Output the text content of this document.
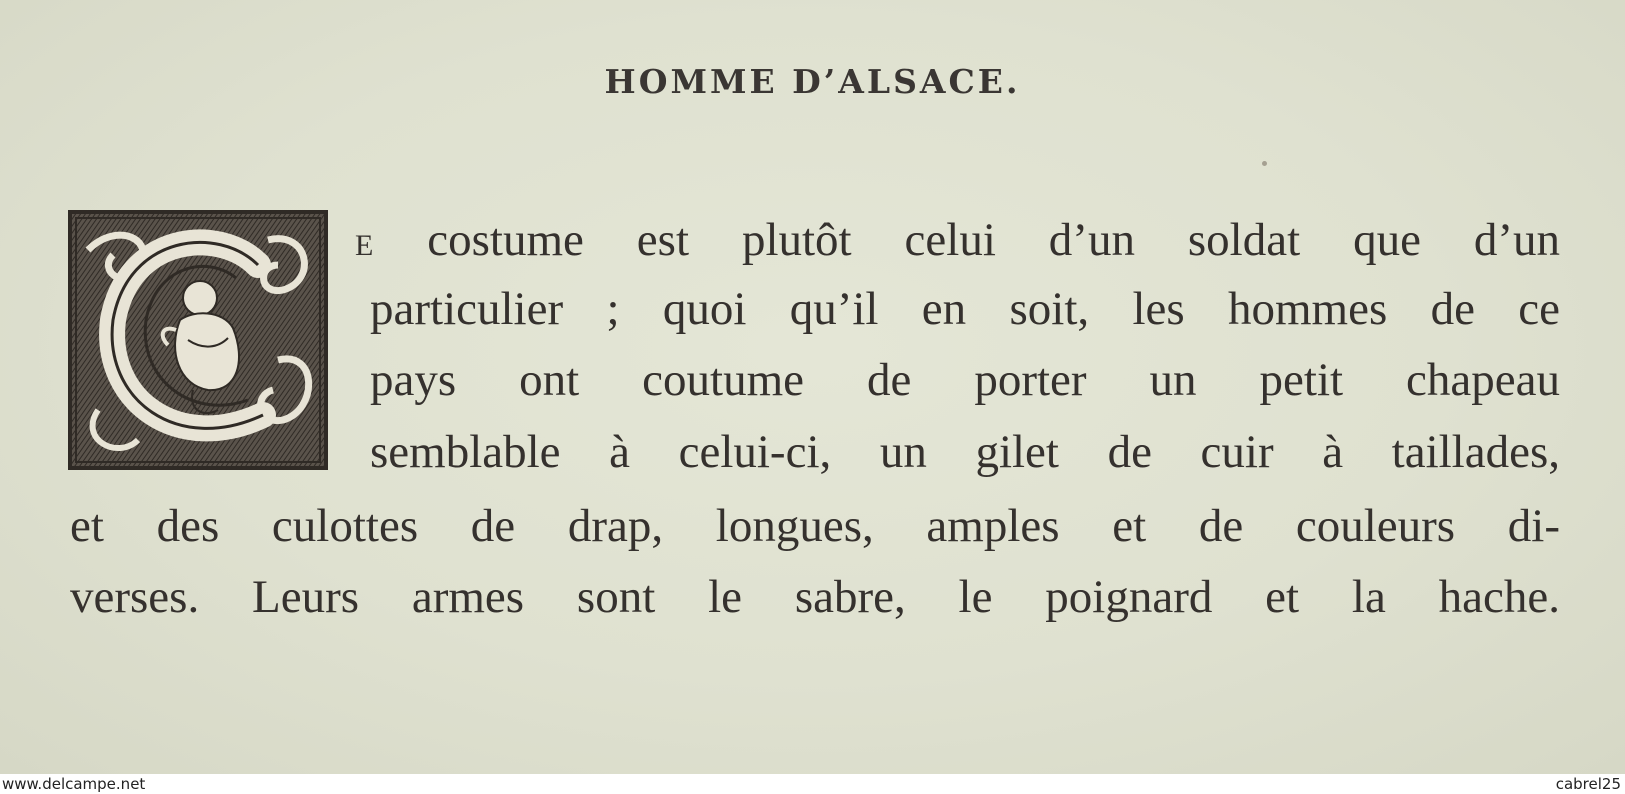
HOMME D’ALSACE.

E costume est plutôt celui d’un soldat que d’un

particulier ; quoi qu’il en soit, les hommes de ce

pays ont coutume de porter un petit chapeau

semblable à celui-ci, un gilet de cuir à taillades,

et des culottes de drap, longues, amples et de couleurs di-

verses. Leurs armes sont le sabre, le poignard et la hache.

www.delcampe.net	cabrel25
